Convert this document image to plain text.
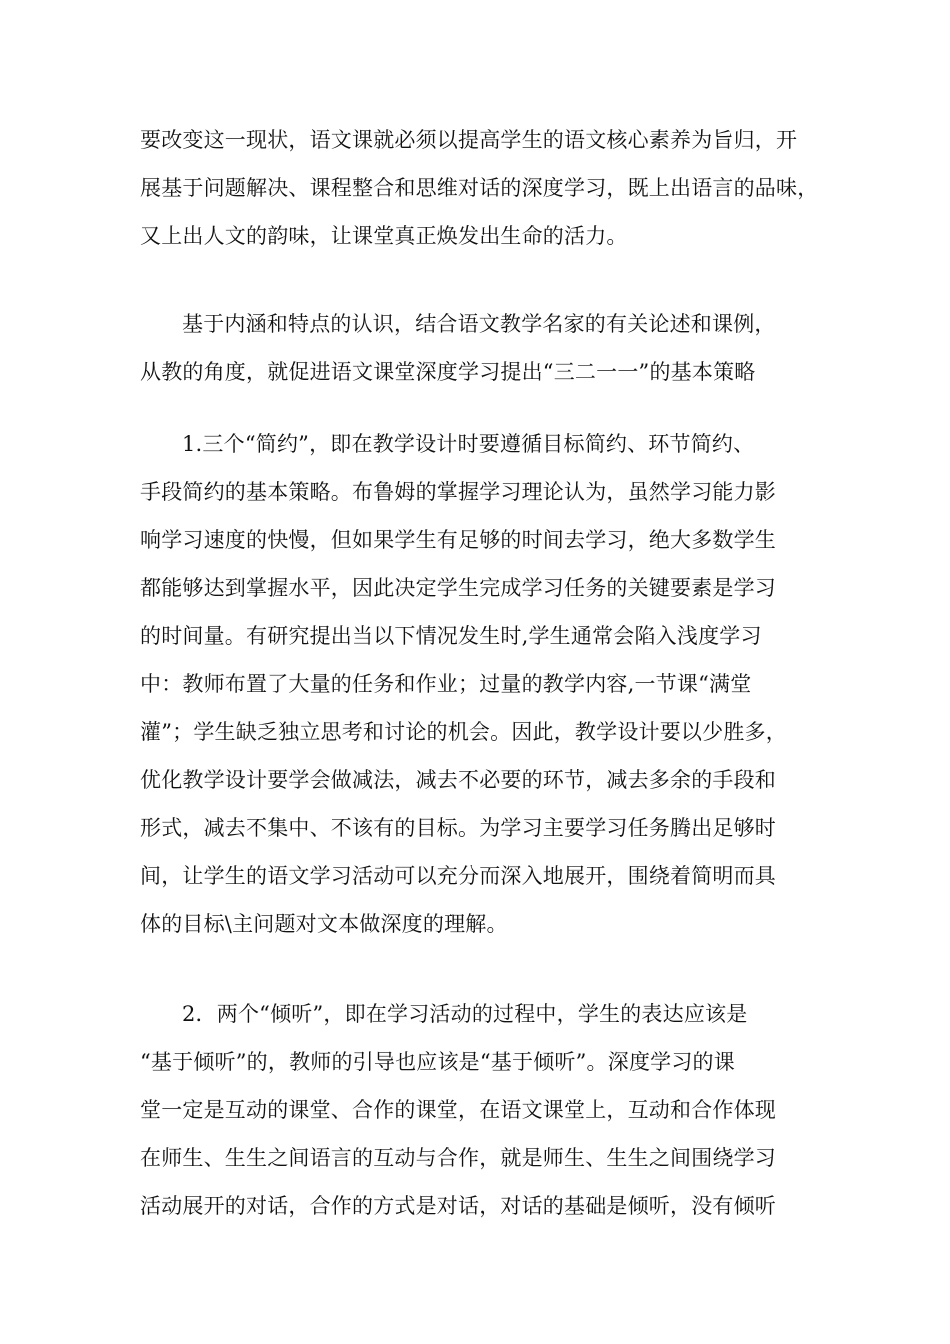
要改变这一现状，语文课就必须以提高学生的语文核心素养为旨归，开
展基于问题解决、课程整合和思维对话的深度学习，既上出语言的品味，
又上出人文的韵味，让课堂真正焕发出生命的活力。
基于内涵和特点的认识，结合语文教学名家的有关论述和课例，
从教的角度，就促进语文课堂深度学习提出“三二一一”的基本策略
1.三个“简约”，即在教学设计时要遵循目标简约、环节简约、
手段简约的基本策略。布鲁姆的掌握学习理论认为，虽然学习能力影
响学习速度的快慢，但如果学生有足够的时间去学习，绝大多数学生
都能够达到掌握水平，因此决定学生完成学习任务的关键要素是学习
的时间量。有研究提出当以下情况发生时,学生通常会陷入浅度学习
中：教师布置了大量的任务和作业；过量的教学内容,一节课“满堂
灌”；学生缺乏独立思考和讨论的机会。因此，教学设计要以少胜多，
优化教学设计要学会做减法，减去不必要的环节，减去多余的手段和
形式，减去不集中、不该有的目标。为学习主要学习任务腾出足够时
间，让学生的语文学习活动可以充分而深入地展开，围绕着简明而具
体的目标\主问题对文本做深度的理解。
2．两个“倾听”，即在学习活动的过程中，学生的表达应该是
“基于倾听”的，教师的引导也应该是“基于倾听”。深度学习的课
堂一定是互动的课堂、合作的课堂，在语文课堂上，互动和合作体现
在师生、生生之间语言的互动与合作，就是师生、生生之间围绕学习
活动展开的对话，合作的方式是对话，对话的基础是倾听，没有倾听
